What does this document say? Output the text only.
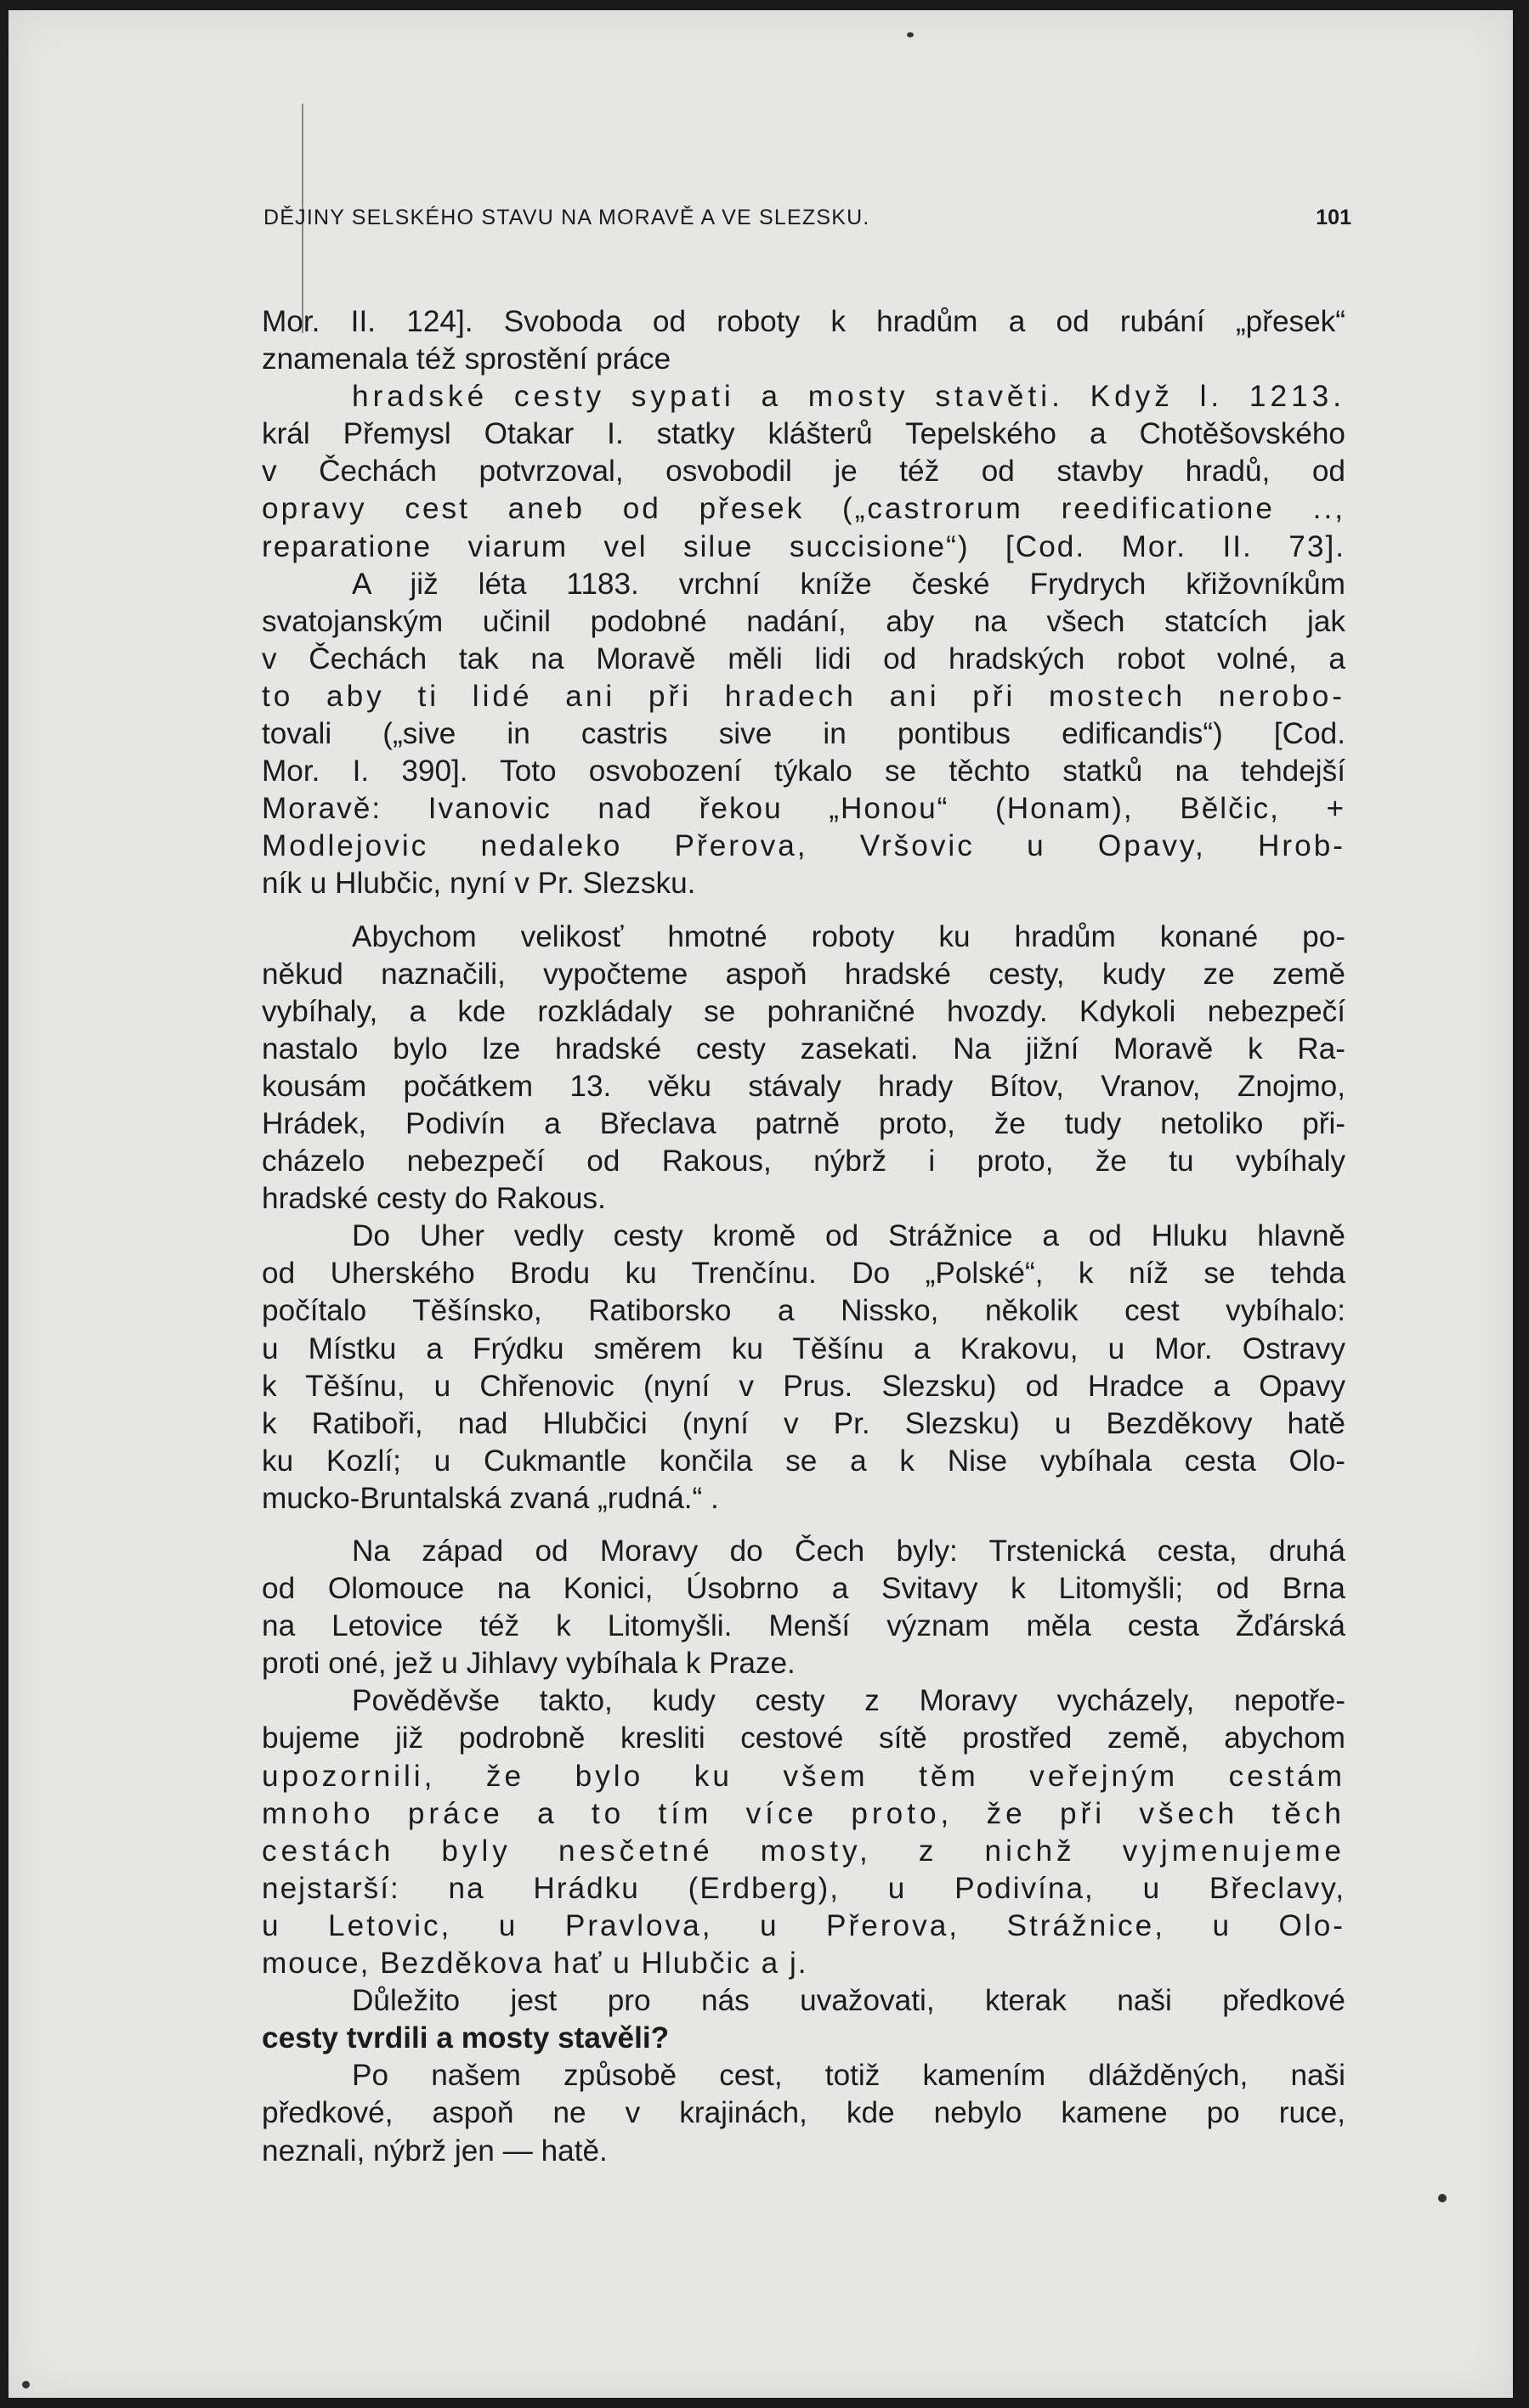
DĚJINY SELSKÉHO STAVU NA MORAVĚ A VE SLEZSKU.	101
Mor. II. 124]. Svoboda od roboty k hradům a od rubání „přesek“
znamenala též sprostění práce
hradské cesty sypati a mosty stavěti. Když l. 1213.
král Přemysl Otakar I. statky klášterů Tepelského a Chotěšovského
v Čechách potvrzoval, osvobodil je též od stavby hradů, od
opravy cest aneb od přesek („castrorum reedificatione ..,
reparatione viarum vel silue succisione“) [Cod. Mor. II. 73].
A již léta 1183. vrchní kníže české Frydrych křižovníkům
svatojanským učinil podobné nadání, aby na všech statcích jak
v Čechách tak na Moravě měli lidi od hradských robot volné, a
to aby ti lidé ani při hradech ani při mostech nerobo-
tovali („sive in castris sive in pontibus edificandis“) [Cod.
Mor. I. 390]. Toto osvobození týkalo se těchto statků na tehdejší
Moravě: Ivanovic nad řekou „Honou“ (Honam), Bělčic, +
Modlejovic nedaleko Přerova, Vršovic u Opavy, Hrob-
ník u Hlubčic, nyní v Pr. Slezsku.
Abychom velikosť hmotné roboty ku hradům konané po-
někud naznačili, vypočteme aspoň hradské cesty, kudy ze země
vybíhaly, a kde rozkládaly se pohraničné hvozdy. Kdykoli nebezpečí
nastalo bylo lze hradské cesty zasekati. Na jižní Moravě k Ra-
kousám počátkem 13. věku stávaly hrady Bítov, Vranov, Znojmo,
Hrádek, Podivín a Břeclava patrně proto, že tudy netoliko při-
cházelo nebezpečí od Rakous, nýbrž i proto, že tu vybíhaly
hradské cesty do Rakous.
Do Uher vedly cesty kromě od Strážnice a od Hluku hlavně
od Uherského Brodu ku Trenčínu. Do „Polské“, k níž se tehda
počítalo Těšínsko, Ratiborsko a Nissko, několik cest vybíhalo:
u Místku a Frýdku směrem ku Těšínu a Krakovu, u Mor. Ostravy
k Těšínu, u Chřenovic (nyní v Prus. Slezsku) od Hradce a Opavy
k Ratiboři, nad Hlubčici (nyní v Pr. Slezsku) u Bezděkovy hatě
ku Kozlí; u Cukmantle končila se a k Nise vybíhala cesta Olo-
mucko-Bruntalská zvaná „rudná.“ .
Na západ od Moravy do Čech byly: Trstenická cesta, druhá
od Olomouce na Konici, Úsobrno a Svitavy k Litomyšli; od Brna
na Letovice též k Litomyšli. Menší význam měla cesta Žďárská
proti oné, jež u Jihlavy vybíhala k Praze.
Pověděvše takto, kudy cesty z Moravy vycházely, nepotře-
bujeme již podrobně kresliti cestové sítě prostřed země, abychom
upozornili, že bylo ku všem těm veřejným cestám
mnoho práce a to tím více proto, že při všech těch
cestách byly nesčetné mosty, z nichž vyjmenujeme
nejstarší: na Hrádku (Erdberg), u Podivína, u Břeclavy,
u Letovic, u Pravlova, u Přerova, Strážnice, u Olo-
mouce, Bezděkova hať u Hlubčic a j.
Důležito jest pro nás uvažovati, kterak naši předkové
cesty tvrdili a mosty stavěli?
Po našem způsobě cest, totiž kamením dlážděných, naši
předkové, aspoň ne v krajinách, kde nebylo kamene po ruce,
neznali, nýbrž jen — hatě.
